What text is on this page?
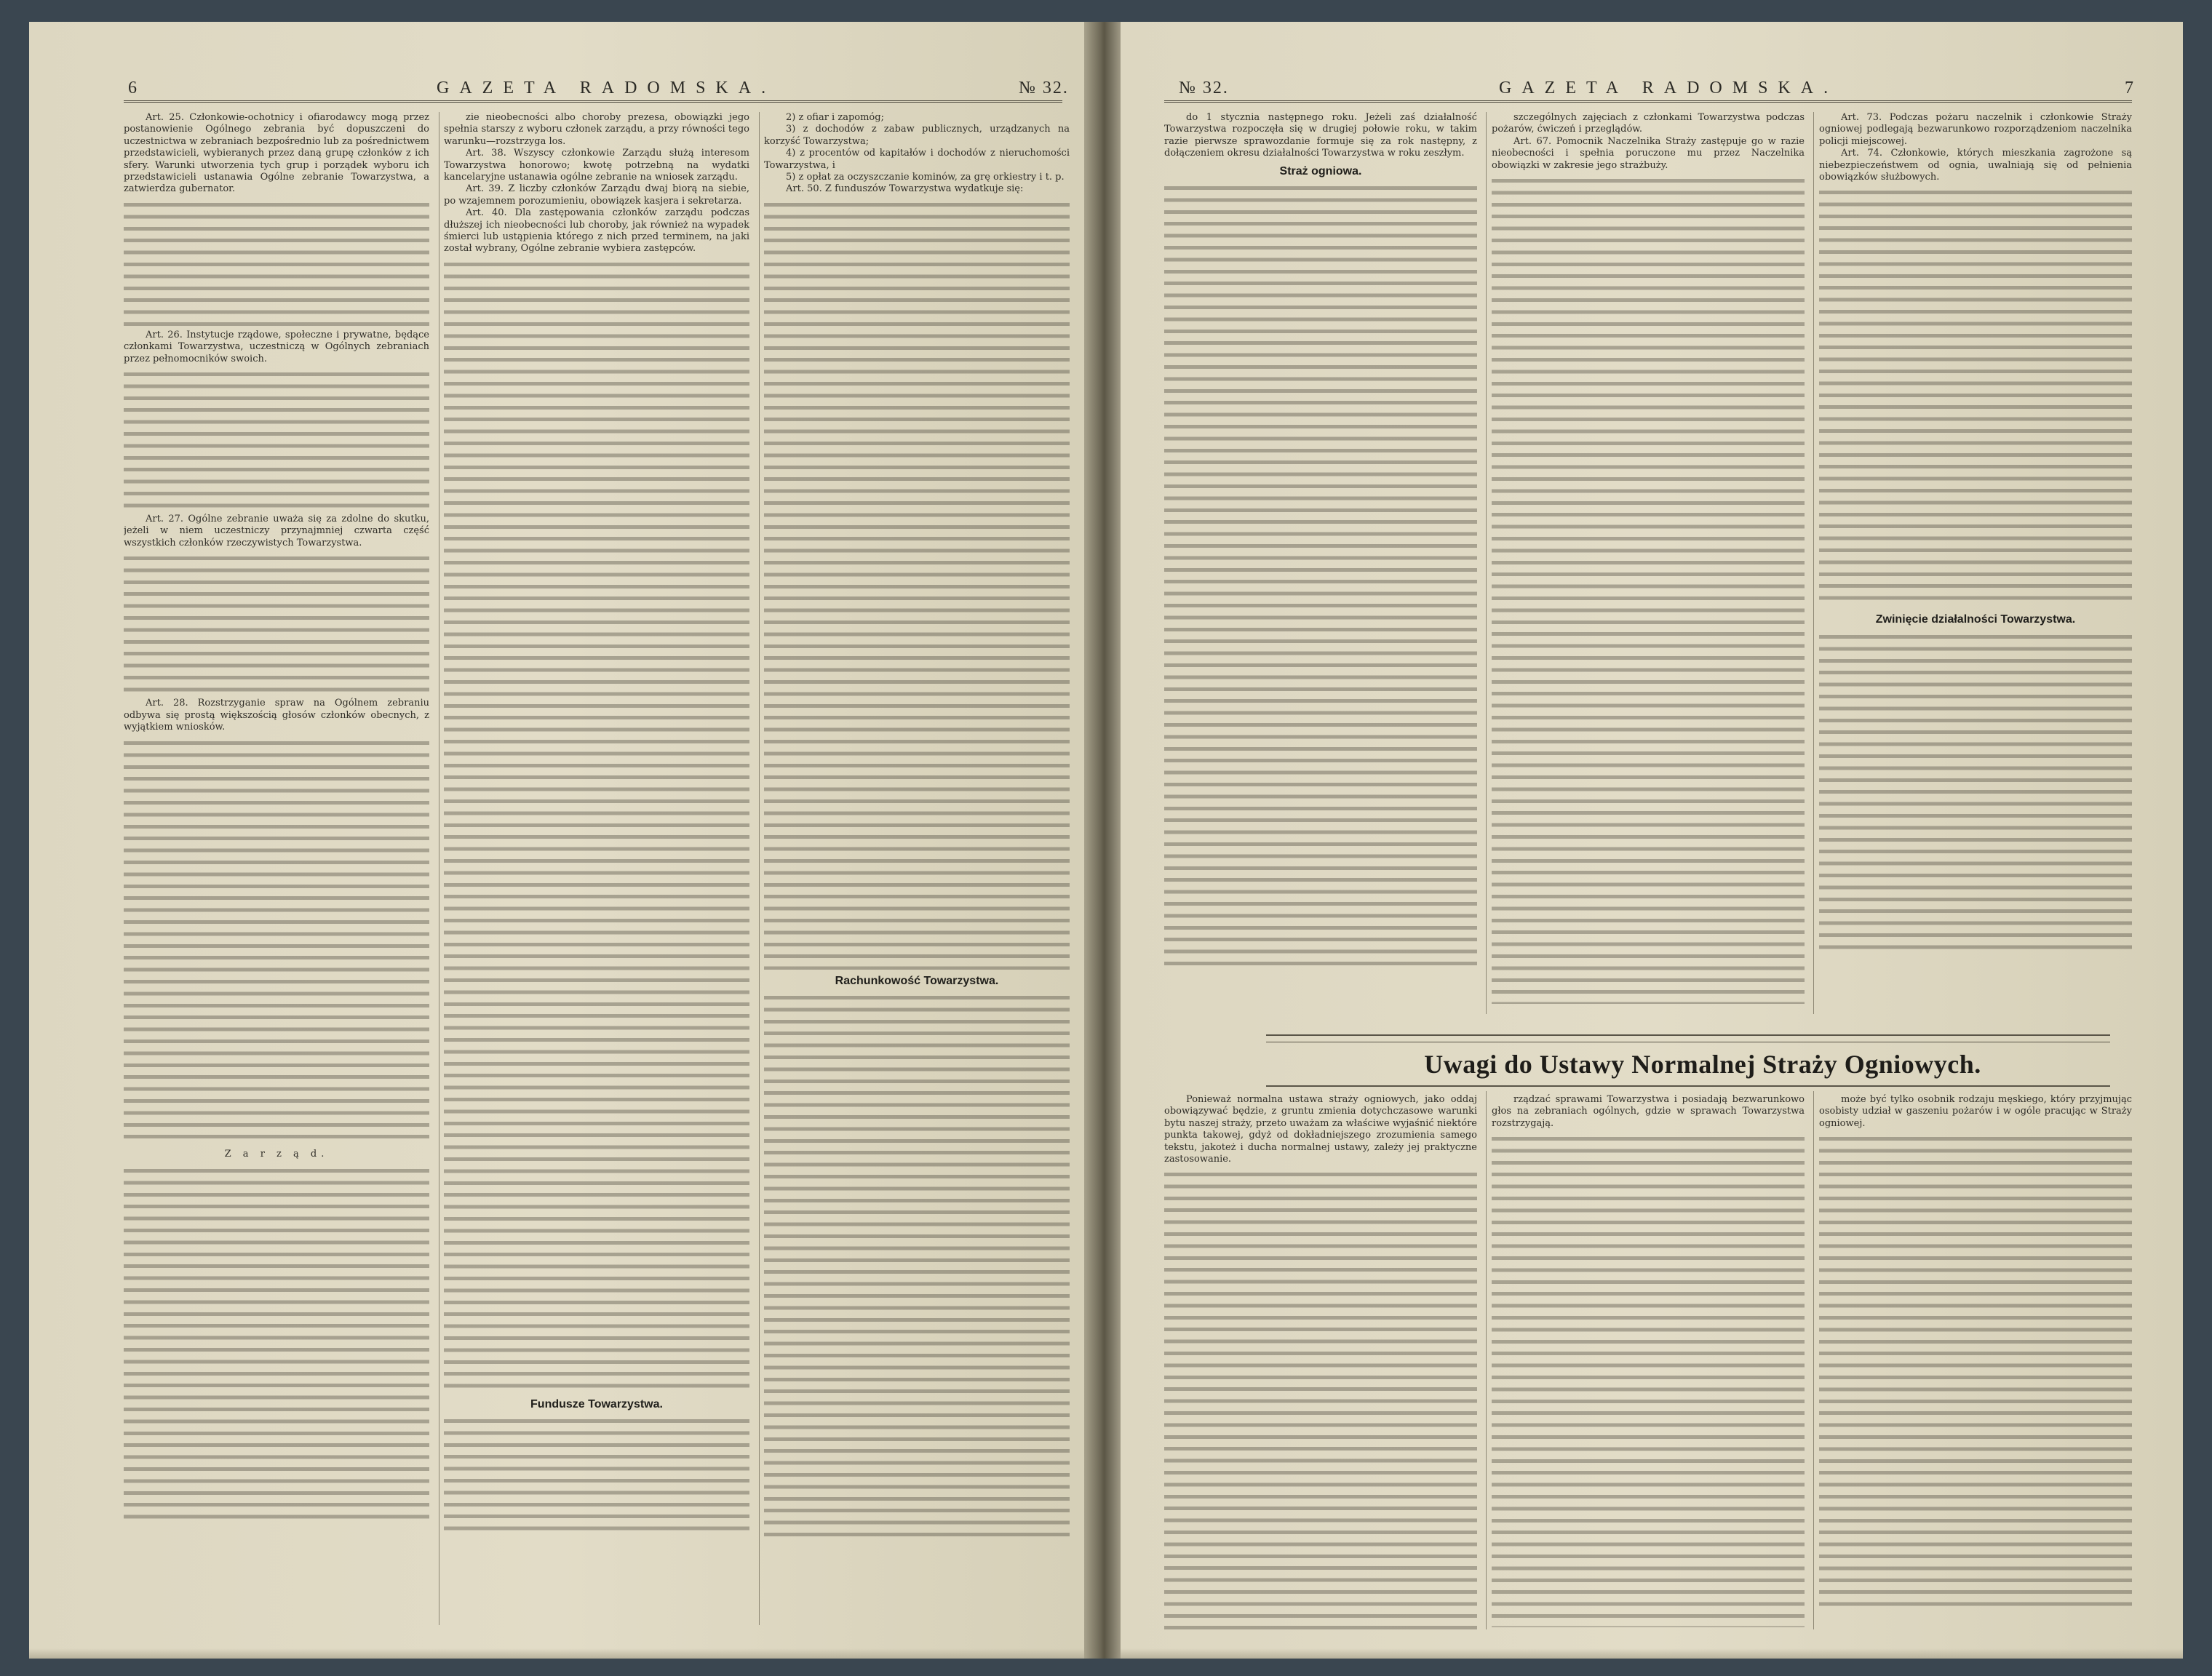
6	GAZETA RADOMSKA.	№ 32.

Art. 25. Członkowie-ochotnicy i ofiarodawcy mogą przez postanowienie Ogólnego zebrania być dopuszczeni do uczestnictwa w zebraniach bezpośrednio lub za pośrednictwem przedstawicieli, wybieranych przez daną grupę członków z ich sfery. Warunki utworzenia tych grup i porządek wyboru ich przedstawicieli ustanawia Ogólne zebranie Towarzystwa, a zatwierdza gubernator.

Art. 26. Instytucje rządowe, społeczne i prywatne, będące członkami Towarzystwa, uczestniczą w Ogólnych zebraniach przez pełnomocników swoich.

Art. 27. Ogólne zebranie uważa się za zdolne do skutku, jeżeli w niem uczestniczy przynajmniej czwarta część wszystkich członków rzeczywistych Towarzystwa.

Art. 28. Rozstrzyganie spraw na Ogólnem zebraniu odbywa się prostą większością głosów członków obecnych, z wyjątkiem wniosków.

Z a r z ą d.

zie nieobecności albo choroby prezesa, obowiązki jego spełnia starszy z wyboru członek zarządu, a przy równości tego warunku—rozstrzyga los.

Art. 38. Wszyscy członkowie Zarządu służą interesom Towarzystwa honorowo; kwotę potrzebną na wydatki kancelaryjne ustanawia ogólne zebranie na wniosek zarządu.

Art. 39. Z liczby członków Zarządu dwaj biorą na siebie, po wzajemnem porozumieniu, obowiązek kasjera i sekretarza.

Art. 40. Dla zastępowania członków zarządu podczas dłuższej ich nieobecności lub choroby, jak również na wypadek śmierci lub ustąpienia którego z nich przed terminem, na jaki został wybrany, Ogólne zebranie wybiera zastępców.

Fundusze Towarzystwa.

2) z ofiar i zapomóg;

3) z dochodów z zabaw publicznych, urządzanych na korzyść Towarzystwa;

4) z procentów od kapitałów i dochodów z nieruchomości Towarzystwa, i

5) z opłat za oczyszczanie kominów, za grę orkiestry i t. p.

Art. 50. Z funduszów Towarzystwa wydatkuje się:

Rachunkowość Towarzystwa.
№ 32.	GAZETA RADOMSKA.	7

do 1 stycznia następnego roku. Jeżeli zaś działalność Towarzystwa rozpoczęła się w drugiej połowie roku, w takim razie pierwsze sprawozdanie formuje się za rok następny, z dołączeniem okresu działalności Towarzystwa w roku zeszłym.

Straż ogniowa.

szczególnych zajęciach z członkami Towarzystwa podczas pożarów, ćwiczeń i przeglądów.

Art. 67. Pomocnik Naczelnika Straży zastępuje go w razie nieobecności i spełnia poruczone mu przez Naczelnika obowiązki w zakresie jego strażbuży.

Art. 73. Podczas pożaru naczelnik i członkowie Straży ogniowej podlegają bezwarunkowo rozporządzeniom naczelnika policji miejscowej.

Art. 74. Członkowie, których mieszkania zagrożone są niebezpieczeństwem od ognia, uwalniają się od pełnienia obowiązków służbowych.

Zwinięcie działalności Towarzystwa.

Ponieważ normalna ustawa straży ogniowych, jako oddaj obowiązywać będzie, z gruntu zmienia dotychczasowe warunki bytu naszej straży, przeto uważam za właściwe wyjaśnić niektóre punkta takowej, gdyż od dokładniejszego zrozumienia samego tekstu, jakoteż i ducha normalnej ustawy, zależy jej praktyczne zastosowanie.

rządzać sprawami Towarzystwa i posiadają bezwarunkowo głos na zebraniach ogólnych, gdzie w sprawach Towarzystwa rozstrzygają.

może być tylko osobnik rodzaju męskiego, który przyjmując osobisty udział w gaszeniu pożarów i w ogóle pracując w Straży ogniowej.

Uwagi do Ustawy Normalnej Straży Ogniowych.
